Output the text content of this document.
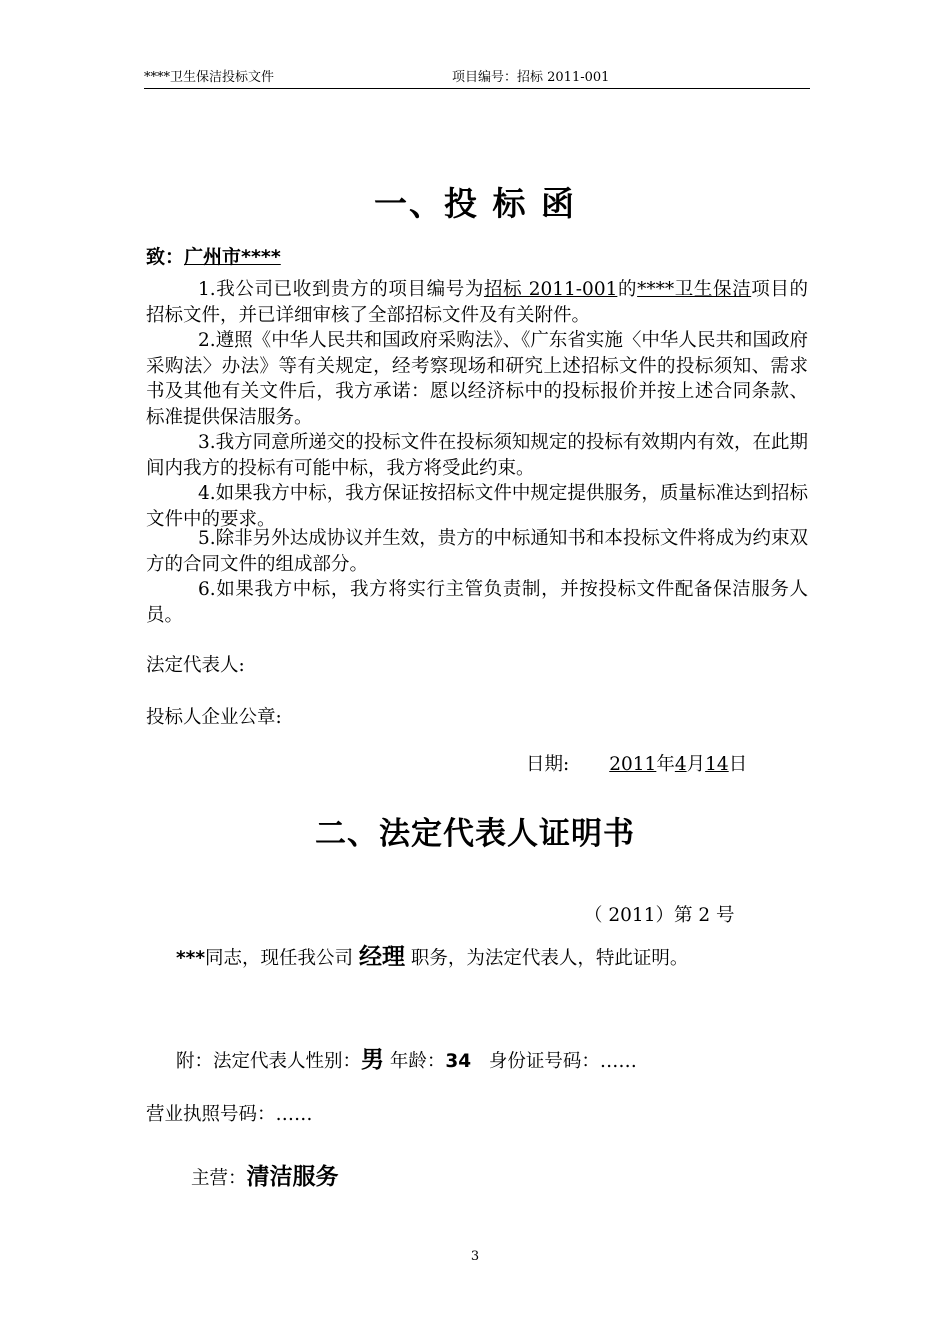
****卫生保洁投标文件	项目编号：招标 2011-001
一、投 标 函
致：广州市****
1.我公司已收到贵方的项目编号为招标 2011-001的****卫生保洁项目的招标文件，并已详细审核了全部招标文件及有关附件。
2.遵照《中华人民共和国政府采购法》、《广东省实施〈中华人民共和国政府采购法〉办法》等有关规定，经考察现场和研究上述招标文件的投标须知、需求书及其他有关文件后，我方承诺：愿以经济标中的投标报价并按上述合同条款、标准提供保洁服务。
3.我方同意所递交的投标文件在投标须知规定的投标有效期内有效，在此期间内我方的投标有可能中标，我方将受此约束。
4.如果我方中标，我方保证按招标文件中规定提供服务，质量标准达到招标文件中的要求。
5.除非另外达成协议并生效，贵方的中标通知书和本投标文件将成为约束双方的合同文件的组成部分。
6.如果我方中标，我方将实行主管负责制，并按投标文件配备保洁服务人员。
法定代表人:
投标人企业公章:
日期: 2011年4月14日
二、法定代表人证明书
（ 2011）第 2 号
***同志，现任我公司 经理 职务，为法定代表人，特此证明。
附：法定代表人性别：男 年龄：34 身份证号码：……
营业执照号码：……
主营：清洁服务
3
